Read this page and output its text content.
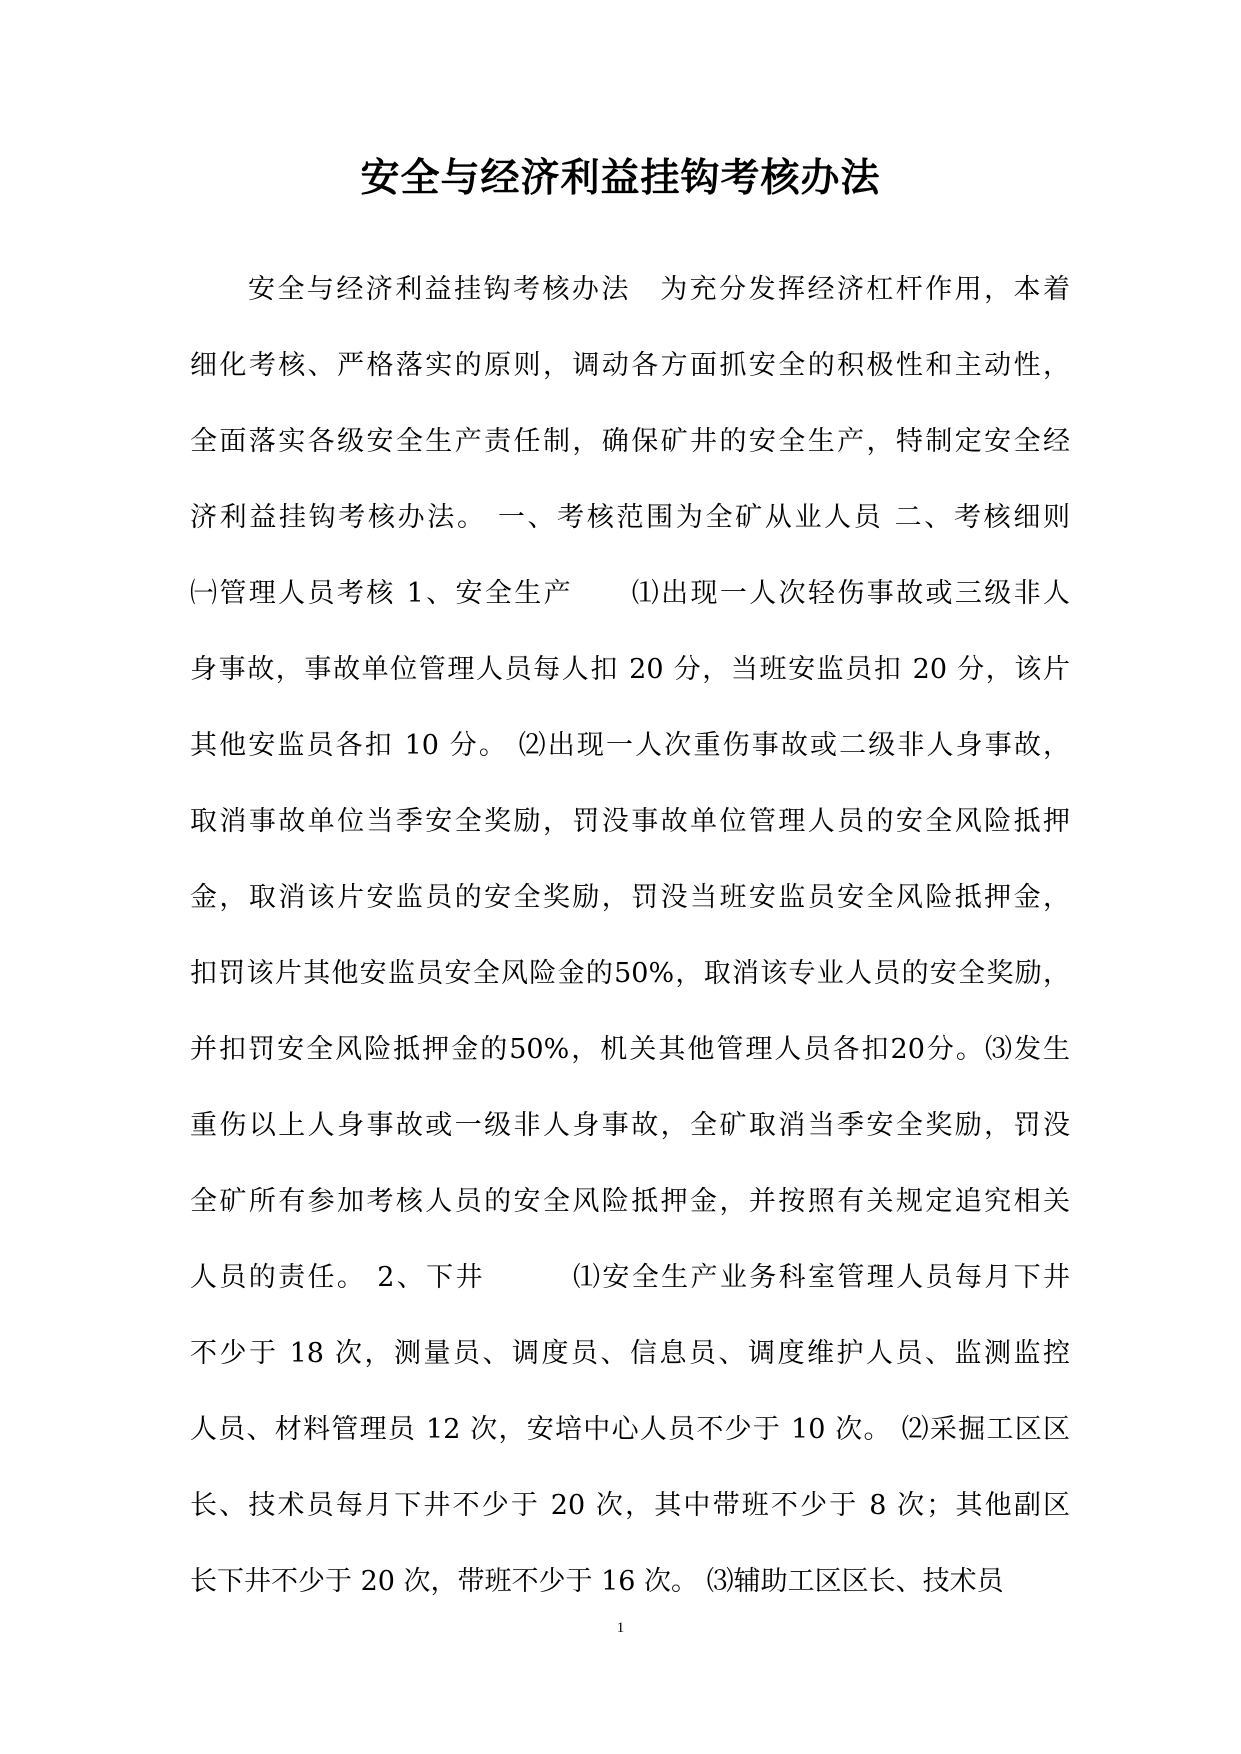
安全与经济利益挂钩考核办法
安全与经济利益挂钩考核办法　为充分发挥经济杠杆作用，本着
细化考核、严格落实的原则，调动各方面抓安全的积极性和主动性，
全面落实各级安全生产责任制，确保矿井的安全生产，特制定安全经
济利益挂钩考核办法。 一、考核范围为全矿从业人员 二、考核细则
㈠管理人员考核 1、安全生产　　⑴出现一人次轻伤事故或三级非人
身事故，事故单位管理人员每人扣 20 分，当班安监员扣 20 分，该片
其他安监员各扣 10 分。 ⑵出现一人次重伤事故或二级非人身事故，
取消事故单位当季安全奖励，罚没事故单位管理人员的安全风险抵押
金，取消该片安监员的安全奖励，罚没当班安监员安全风险抵押金，
扣罚该片其他安监员安全风险金的50%，取消该专业人员的安全奖励，
并扣罚安全风险抵押金的50%，机关其他管理人员各扣20分。⑶发生
重伤以上人身事故或一级非人身事故，全矿取消当季安全奖励，罚没
全矿所有参加考核人员的安全风险抵押金，并按照有关规定追究相关
人员的责任。 2、下井　　　⑴安全生产业务科室管理人员每月下井
不少于 18 次，测量员、调度员、信息员、调度维护人员、监测监控
人员、材料管理员 12 次，安培中心人员不少于 10 次。 ⑵采掘工区区
长、技术员每月下井不少于 20 次，其中带班不少于 8 次；其他副区
长下井不少于 20 次，带班不少于 16 次。 ⑶辅助工区区长、技术员
1
